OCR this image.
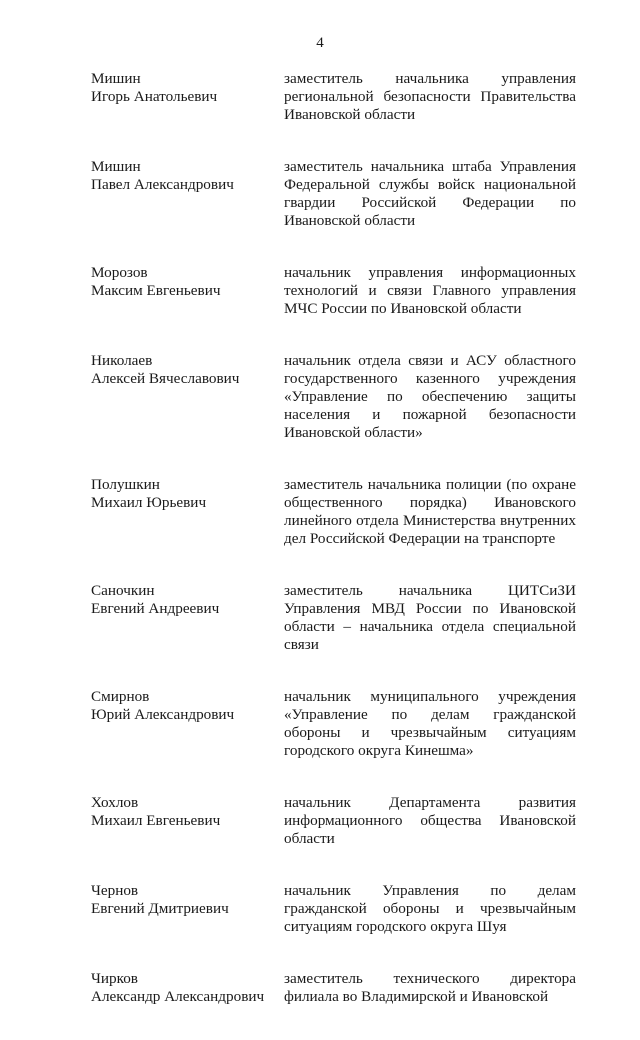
4
Мишин
Игорь Анатольевич
заместитель начальника управления региональной безопасности Правительства Ивановской области
Мишин
Павел Александрович
заместитель начальника штаба Управления Федеральной службы войск национальной гвардии Российской Федерации по Ивановской области
Морозов
Максим Евгеньевич
начальник управления информационных технологий и связи Главного управления МЧС России по Ивановской области
Николаев
Алексей Вячеславович
начальник отдела связи и АСУ областного государственного казенного учреждения «Управление по обеспечению защиты населения и пожарной безопасности Ивановской области»
Полушкин
Михаил Юрьевич
заместитель начальника полиции (по охране общественного порядка) Ивановского линейного отдела Министерства внутренних дел Российской Федерации на транспорте
Саночкин
Евгений Андреевич
заместитель начальника ЦИТСиЗИ Управления МВД России по Ивановской области – начальника отдела специальной связи
Смирнов
Юрий Александрович
начальник муниципального учреждения «Управление по делам гражданской обороны и чрезвычайным ситуациям городского округа Кинешма»
Хохлов
Михаил Евгеньевич
начальник Департамента развития информационного общества Ивановской области
Чернов
Евгений Дмитриевич
начальник Управления по делам гражданской обороны и чрезвычайным ситуациям городского округа Шуя
Чирков
Александр Александрович
заместитель технического директора филиала во Владимирской и Ивановской
